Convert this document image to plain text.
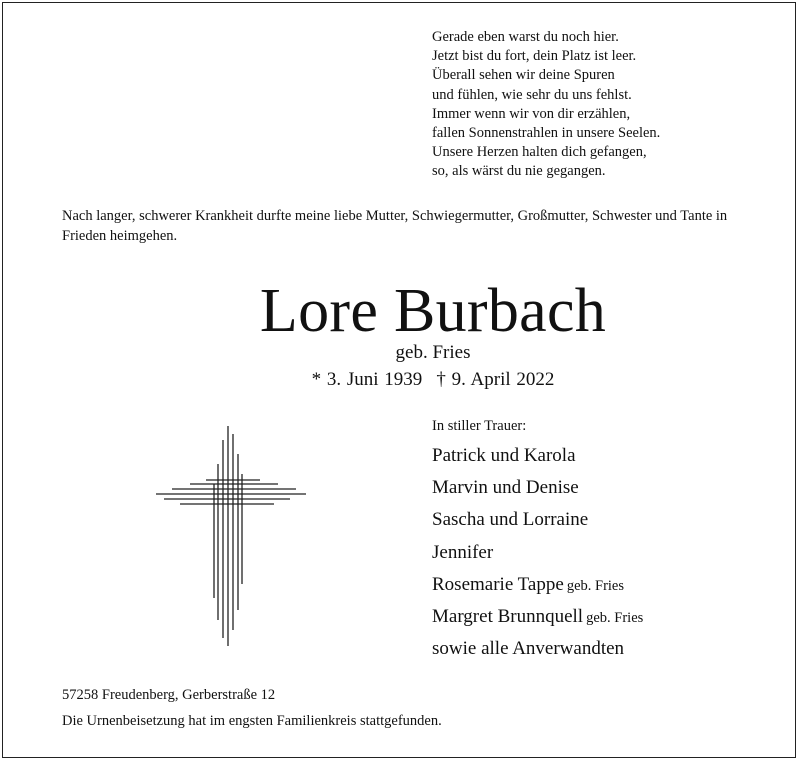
Gerade eben warst du noch hier.
Jetzt bist du fort, dein Platz ist leer.
Überall sehen wir deine Spuren
und fühlen, wie sehr du uns fehlst.
Immer wenn wir von dir erzählen,
fallen Sonnenstrahlen in unsere Seelen.
Unsere Herzen halten dich gefangen,
so, als wärst du nie gegangen.
Nach langer, schwerer Krankheit durfte meine liebe Mutter, Schwiegermutter, Großmutter, Schwester und Tante in Frieden heimgehen.
Lore Burbach
geb. Fries
* 3. Juni 1939 † 9. April 2022
In stiller Trauer:
Patrick und Karola
Marvin und Denise
Sascha und Lorraine
Jennifer
Rosemarie Tappe geb. Fries
Margret Brunnquell geb. Fries
sowie alle Anverwandten
57258 Freudenberg, Gerberstraße 12
Die Urnenbeisetzung hat im engsten Familienkreis stattgefunden.
